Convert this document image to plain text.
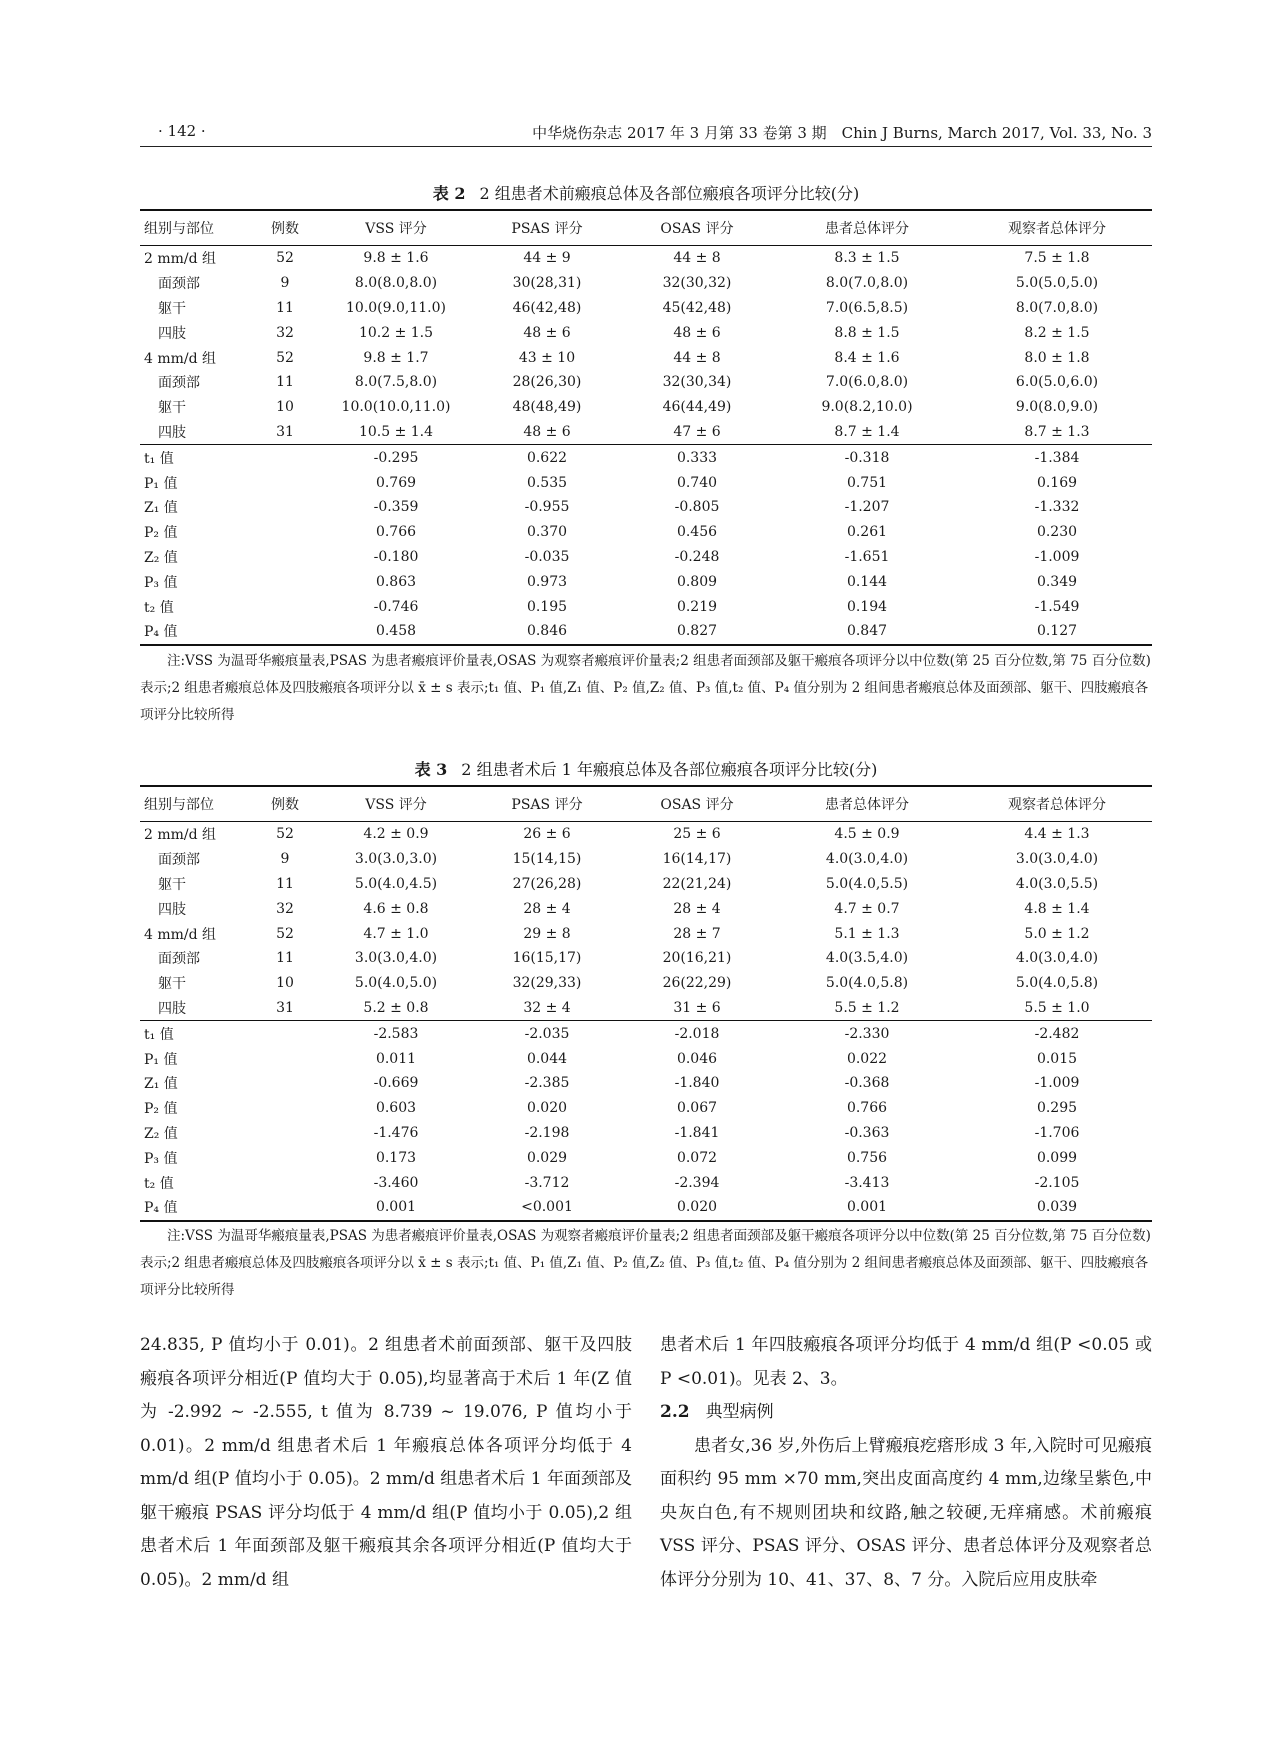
· 142 ·	中华烧伤杂志 2017 年 3 月第 33 卷第 3 期　Chin J Burns, March 2017, Vol. 33, No. 3
表 2 2 组患者术前瘢痕总体及各部位瘢痕各项评分比较(分)
组别与部位	例数	VSS 评分	PSAS 评分	OSAS 评分	患者总体评分	观察者总体评分
2 mm/d 组	52	9.8 ± 1.6	44 ± 9	44 ± 8	8.3 ± 1.5	7.5 ± 1.8
面颈部	9	8.0(8.0,8.0)	30(28,31)	32(30,32)	8.0(7.0,8.0)	5.0(5.0,5.0)
躯干	11	10.0(9.0,11.0)	46(42,48)	45(42,48)	7.0(6.5,8.5)	8.0(7.0,8.0)
四肢	32	10.2 ± 1.5	48 ± 6	48 ± 6	8.8 ± 1.5	8.2 ± 1.5
4 mm/d 组	52	9.8 ± 1.7	43 ± 10	44 ± 8	8.4 ± 1.6	8.0 ± 1.8
面颈部	11	8.0(7.5,8.0)	28(26,30)	32(30,34)	7.0(6.0,8.0)	6.0(5.0,6.0)
躯干	10	10.0(10.0,11.0)	48(48,49)	46(44,49)	9.0(8.2,10.0)	9.0(8.0,9.0)
四肢	31	10.5 ± 1.4	48 ± 6	47 ± 6	8.7 ± 1.4	8.7 ± 1.3
t₁ 值		-0.295	0.622	0.333	-0.318	-1.384
P₁ 值		0.769	0.535	0.740	0.751	0.169
Z₁ 值		-0.359	-0.955	-0.805	-1.207	-1.332
P₂ 值		0.766	0.370	0.456	0.261	0.230
Z₂ 值		-0.180	-0.035	-0.248	-1.651	-1.009
P₃ 值		0.863	0.973	0.809	0.144	0.349
t₂ 值		-0.746	0.195	0.219	0.194	-1.549
P₄ 值		0.458	0.846	0.827	0.847	0.127
注:VSS 为温哥华瘢痕量表,PSAS 为患者瘢痕评价量表,OSAS 为观察者瘢痕评价量表;2 组患者面颈部及躯干瘢痕各项评分以中位数(第 25 百分位数,第 75 百分位数)表示;2 组患者瘢痕总体及四肢瘢痕各项评分以 x̄ ± s 表示;t₁ 值、P₁ 值,Z₁ 值、P₂ 值,Z₂ 值、P₃ 值,t₂ 值、P₄ 值分别为 2 组间患者瘢痕总体及面颈部、躯干、四肢瘢痕各项评分比较所得
表 3 2 组患者术后 1 年瘢痕总体及各部位瘢痕各项评分比较(分)
组别与部位	例数	VSS 评分	PSAS 评分	OSAS 评分	患者总体评分	观察者总体评分
2 mm/d 组	52	4.2 ± 0.9	26 ± 6	25 ± 6	4.5 ± 0.9	4.4 ± 1.3
面颈部	9	3.0(3.0,3.0)	15(14,15)	16(14,17)	4.0(3.0,4.0)	3.0(3.0,4.0)
躯干	11	5.0(4.0,4.5)	27(26,28)	22(21,24)	5.0(4.0,5.5)	4.0(3.0,5.5)
四肢	32	4.6 ± 0.8	28 ± 4	28 ± 4	4.7 ± 0.7	4.8 ± 1.4
4 mm/d 组	52	4.7 ± 1.0	29 ± 8	28 ± 7	5.1 ± 1.3	5.0 ± 1.2
面颈部	11	3.0(3.0,4.0)	16(15,17)	20(16,21)	4.0(3.5,4.0)	4.0(3.0,4.0)
躯干	10	5.0(4.0,5.0)	32(29,33)	26(22,29)	5.0(4.0,5.8)	5.0(4.0,5.8)
四肢	31	5.2 ± 0.8	32 ± 4	31 ± 6	5.5 ± 1.2	5.5 ± 1.0
t₁ 值		-2.583	-2.035	-2.018	-2.330	-2.482
P₁ 值		0.011	0.044	0.046	0.022	0.015
Z₁ 值		-0.669	-2.385	-1.840	-0.368	-1.009
P₂ 值		0.603	0.020	0.067	0.766	0.295
Z₂ 值		-1.476	-2.198	-1.841	-0.363	-1.706
P₃ 值		0.173	0.029	0.072	0.756	0.099
t₂ 值		-3.460	-3.712	-2.394	-3.413	-2.105
P₄ 值		0.001	<0.001	0.020	0.001	0.039
注:VSS 为温哥华瘢痕量表,PSAS 为患者瘢痕评价量表,OSAS 为观察者瘢痕评价量表;2 组患者面颈部及躯干瘢痕各项评分以中位数(第 25 百分位数,第 75 百分位数)表示;2 组患者瘢痕总体及四肢瘢痕各项评分以 x̄ ± s 表示;t₁ 值、P₁ 值,Z₁ 值、P₂ 值,Z₂ 值、P₃ 值,t₂ 值、P₄ 值分别为 2 组间患者瘢痕总体及面颈部、躯干、四肢瘢痕各项评分比较所得

24.835, P 值均小于 0.01)。2 组患者术前面颈部、躯干及四肢瘢痕各项评分相近(P 值均大于 0.05),均显著高于术后 1 年(Z 值为 -2.992 ~ -2.555, t 值为 8.739 ~ 19.076, P 值均小于 0.01)。2 mm/d 组患者术后 1 年瘢痕总体各项评分均低于 4 mm/d 组(P 值均小于 0.05)。2 mm/d 组患者术后 1 年面颈部及躯干瘢痕 PSAS 评分均低于 4 mm/d 组(P 值均小于 0.05),2 组患者术后 1 年面颈部及躯干瘢痕其余各项评分相近(P 值均大于 0.05)。2 mm/d 组

患者术后 1 年四肢瘢痕各项评分均低于 4 mm/d 组(P <0.05 或 P <0.01)。见表 2、3。

2.2 典型病例

患者女,36 岁,外伤后上臂瘢痕疙瘩形成 3 年,入院时可见瘢痕面积约 95 mm ×70 mm,突出皮面高度约 4 mm,边缘呈紫色,中央灰白色,有不规则团块和纹路,触之较硬,无痒痛感。术前瘢痕 VSS 评分、PSAS 评分、OSAS 评分、患者总体评分及观察者总体评分分别为 10、41、37、8、7 分。入院后应用皮肤牵
